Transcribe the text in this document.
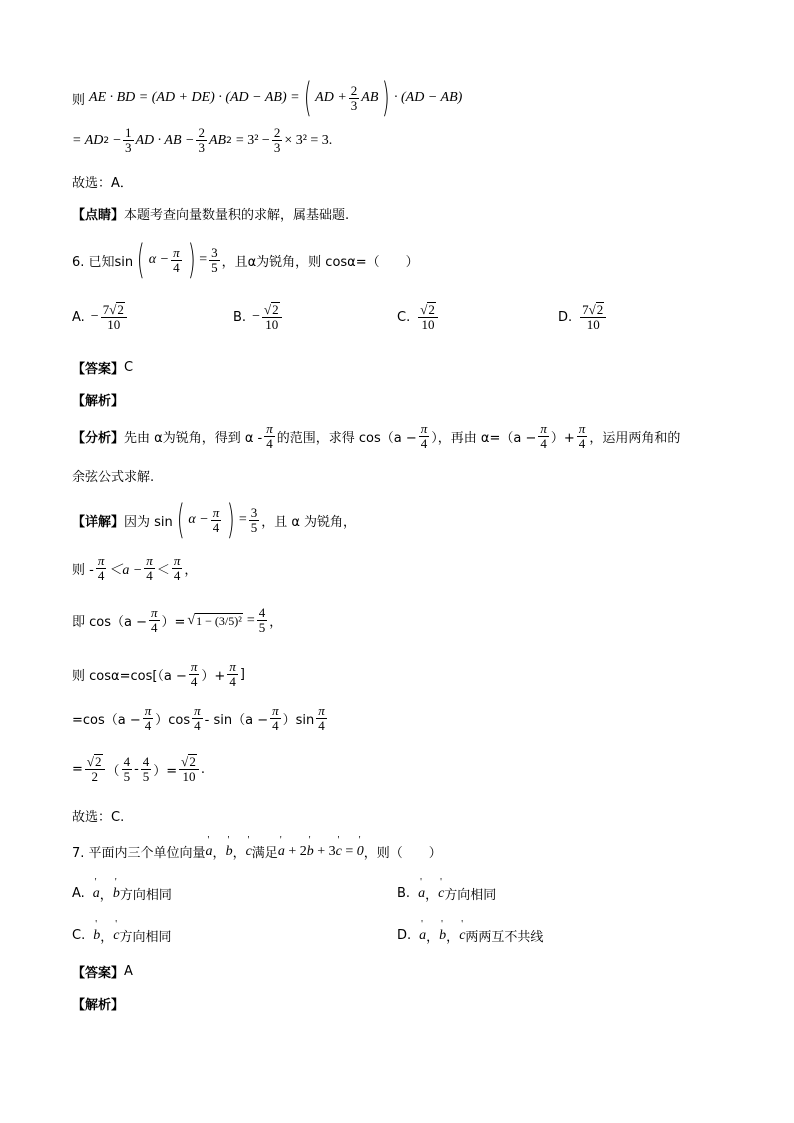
则 AE · BD = (AD + DE) · (AD − AB) = ( AD + $\frac{2}{3}$ AB ) · (AD − AB)
= AD $2 - \frac{1}{3}$ AD · AB − $\frac{2}{3}$ AB $2 = 3^2 - \frac{2}{3} \times 3^2 = 3$.
故选：A．
【点睛】 本题考查向量数量积的求解，属基础题.
6. 已知sin ( $\alpha - \frac{\pi}{4}$ ) = $\frac{3}{5}$ ，且α为锐角，则 cosα=（　　）
A. − $\frac{7√ 2}{10}$	B. − $\frac{√ 2}{10}$	C. $\frac{√ 2}{10}$	D. $\frac{7√ 2}{10}$
【答案】 C
【解析】
【分析】 先由 α为锐角，得到 α - $\frac{\pi}{4}$ 的范围，求得 $\cos(a - \frac{\pi}{4}$ ），再由 $\alpha=(a - \frac{\pi}{4}$ ）+ $\frac{\pi}{4}$ ，运用两角和的
余弦公式求解.
【详解】 因为 sin ( $\alpha - \frac{\pi}{4}$ ) = $\frac{3}{5}$ ，且 α 为锐角，
则 - $\frac{\pi}{4} <a - \frac{\pi}{4} < \frac{\pi}{4}$ ，
即 $\cos(a - \frac{\pi}{4}$ ）= √ $1 - (3/5)^2 = \frac{4}{5}$ ，
则 $\cos\alpha=\cos[(a - \frac{\pi}{4}$ ）+ $\frac{\pi}{4}$ ]
$=\cos(a - \frac{\pi}{4} )\cos \frac{\pi}{4} - \sin(a - \frac{\pi}{4} )\sin \frac{\pi}{4}$
= $\frac{√ 2}{2}$ （ $\frac{4}{5} - \frac{4}{5}$ ）= $\frac{√ 2}{10}$ .
故选：C.
7. 平面内三个单位向量 ' a ， ' b ， ' c 满足 ' a + 2' b + 3' c = ' 0 ，则（　　）
A. ' a ， ' b 方向相同	B. ' a ， ' c 方向相同
C. ' b ， ' c 方向相同	D. ' a ， ' b ， ' c 两两互不共线
【答案】 A
【解析】
